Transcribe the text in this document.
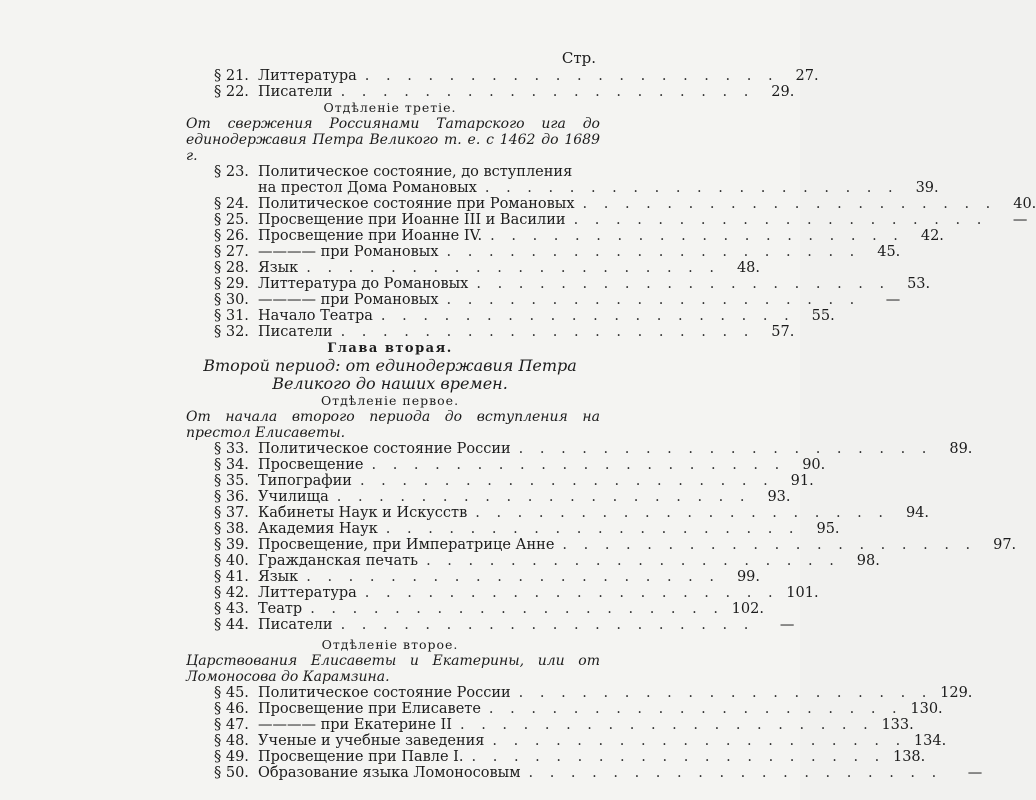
Стр.
§ 21. Литтература . . . . . . . . . . . . . . . . . . . .	27.
§ 22. Писатели . . . . . . . . . . . . . . . . . . . .	29.
Отдѣленіе третіе.
От свержения Россиянами Татарского ига до единодержавия Петра Великого т. е. с 1462 до 1689 г.
§ 23. Политическое состояние, до вступления
на престол Дома Романовых . . . . . . . . . . . . . . . . . . . .	39.
§ 24. Политическое состояние при Романовых . . . . . . . . . . . . . . . . . . . .	40.
§ 25. Просвещение при Иоанне III и Василии . . . . . . . . . . . . . . . . . . . .	—
§ 26. Просвещение при Иоанне IV. . . . . . . . . . . . . . . . . . . . .	42.
§ 27. ———— при Романовых . . . . . . . . . . . . . . . . . . . .	45.
§ 28. Язык . . . . . . . . . . . . . . . . . . . .	48.
§ 29. Литтература до Романовых . . . . . . . . . . . . . . . . . . . .	53.
§ 30. ———— при Романовых . . . . . . . . . . . . . . . . . . . .	—
§ 31. Начало Театра . . . . . . . . . . . . . . . . . . . .	55.
§ 32. Писатели . . . . . . . . . . . . . . . . . . . .	57.
Глава вторая.
Второй период: от единодержавия Петра Великого до наших времен.
Отдѣленіе первое.
От начала второго периода до вступления на престол Елисаветы.
§ 33. Политическое состояние России . . . . . . . . . . . . . . . . . . . .	89.
§ 34. Просвещение . . . . . . . . . . . . . . . . . . . .	90.
§ 35. Типографии . . . . . . . . . . . . . . . . . . . .	91.
§ 36. Училища . . . . . . . . . . . . . . . . . . . .	93.
§ 37. Кабинеты Наук и Искусств . . . . . . . . . . . . . . . . . . . .	94.
§ 38. Академия Наук . . . . . . . . . . . . . . . . . . . .	95.
§ 39. Просвещение, при Императрице Анне . . . . . . . . . . . . . . . . . . . .	97.
§ 40. Гражданская печать . . . . . . . . . . . . . . . . . . . .	98.
§ 41. Язык . . . . . . . . . . . . . . . . . . . .	99.
§ 42. Литтература . . . . . . . . . . . . . . . . . . . . 101.
§ 43. Театр . . . . . . . . . . . . . . . . . . . . 102.
§ 44. Писатели . . . . . . . . . . . . . . . . . . . .	—
Отдѣленіе второе.
Царствования Елисаветы и Екатерины, или от Ломоносова до Карамзина.
§ 45. Политическое состояние России . . . . . . . . . . . . . . . . . . . . 129.
§ 46. Просвещение при Елисавете . . . . . . . . . . . . . . . . . . . . 130.
§ 47. ———— при Екатерине II . . . . . . . . . . . . . . . . . . . . 133.
§ 48. Ученые и учебные заведения . . . . . . . . . . . . . . . . . . . . 134.
§ 49. Просвещение при Павле I. . . . . . . . . . . . . . . . . . . . . 138.
§ 50. Образование языка Ломоносовым . . . . . . . . . . . . . . . . . . . .	—
